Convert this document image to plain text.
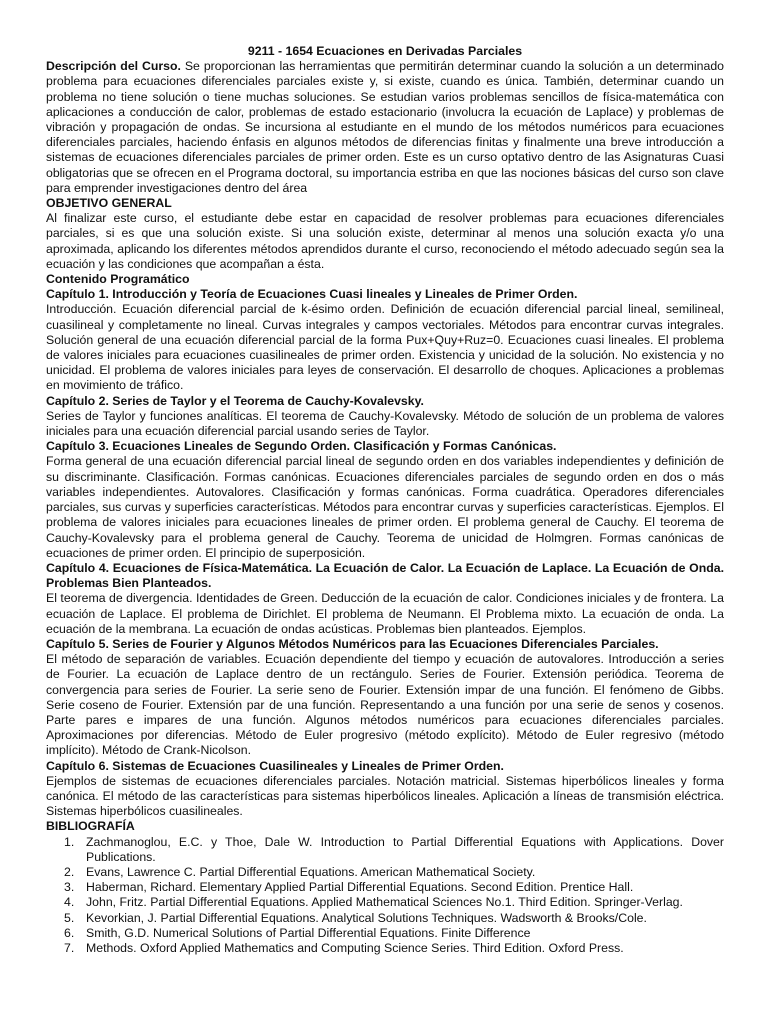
9211 - 1654 Ecuaciones en Derivadas Parciales

Descripción del Curso. Se proporcionan las herramientas que permitirán determinar cuando la solución a un determinado problema para ecuaciones diferenciales parciales existe y, si existe, cuando es única. También, determinar cuando un problema no tiene solución o tiene muchas soluciones. Se estudian varios problemas sencillos de física-matemática con aplicaciones a conducción de calor, problemas de estado estacionario (involucra la ecuación de Laplace) y problemas de vibración y propagación de ondas. Se incursiona al estudiante en el mundo de los métodos numéricos para ecuaciones diferenciales parciales, haciendo énfasis en algunos métodos de diferencias finitas y finalmente una breve introducción a sistemas de ecuaciones diferenciales parciales de primer orden. Este es un curso optativo dentro de las Asignaturas Cuasi obligatorias que se ofrecen en el Programa doctoral, su importancia estriba en que las nociones básicas del curso son clave para emprender investigaciones dentro del área

OBJETIVO GENERAL

Al finalizar este curso, el estudiante debe estar en capacidad de resolver problemas para ecuaciones diferenciales parciales, si es que una solución existe. Si una solución existe, determinar al menos una solución exacta y/o una aproximada, aplicando los diferentes métodos aprendidos durante el curso, reconociendo el método adecuado según sea la ecuación y las condiciones que acompañan a ésta.

Contenido Programático

Capítulo 1. Introducción y Teoría de Ecuaciones Cuasi lineales y Lineales de Primer Orden.

Introducción. Ecuación diferencial parcial de k-ésimo orden. Definición de ecuación diferencial parcial lineal, semilineal, cuasilineal y completamente no lineal. Curvas integrales y campos vectoriales. Métodos para encontrar curvas integrales. Solución general de una ecuación diferencial parcial de la forma Pux+Quy+Ruz=0. Ecuaciones cuasi lineales. El problema de valores iniciales para ecuaciones cuasilineales de primer orden. Existencia y unicidad de la solución. No existencia y no unicidad. El problema de valores iniciales para leyes de conservación. El desarrollo de choques. Aplicaciones a problemas en movimiento de tráfico.

Capítulo 2. Series de Taylor y el Teorema de Cauchy-Kovalevsky.

Series de Taylor y funciones analíticas. El teorema de Cauchy-Kovalevsky. Método de solución de un problema de valores iniciales para una ecuación diferencial parcial usando series de Taylor.

Capítulo 3. Ecuaciones Lineales de Segundo Orden. Clasificación y Formas Canónicas.

Forma general de una ecuación diferencial parcial lineal de segundo orden en dos variables independientes y definición de su discriminante. Clasificación. Formas canónicas. Ecuaciones diferenciales parciales de segundo orden en dos o más variables independientes. Autovalores. Clasificación y formas canónicas. Forma cuadrática. Operadores diferenciales parciales, sus curvas y superficies características. Métodos para encontrar curvas y superficies características. Ejemplos. El problema de valores iniciales para ecuaciones lineales de primer orden. El problema general de Cauchy. El teorema de Cauchy-Kovalevsky para el problema general de Cauchy. Teorema de unicidad de Holmgren. Formas canónicas de ecuaciones de primer orden. El principio de superposición.

Capítulo 4. Ecuaciones de Física-Matemática. La Ecuación de Calor. La Ecuación de Laplace. La Ecuación de Onda. Problemas Bien Planteados.

El teorema de divergencia. Identidades de Green. Deducción de la ecuación de calor. Condiciones iniciales y de frontera. La ecuación de Laplace. El problema de Dirichlet. El problema de Neumann. El Problema mixto. La ecuación de onda. La ecuación de la membrana. La ecuación de ondas acústicas. Problemas bien planteados. Ejemplos.

Capítulo 5. Series de Fourier y Algunos Métodos Numéricos para las Ecuaciones Diferenciales Parciales.

El método de separación de variables. Ecuación dependiente del tiempo y ecuación de autovalores. Introducción a series de Fourier. La ecuación de Laplace dentro de un rectángulo. Series de Fourier. Extensión periódica. Teorema de convergencia para series de Fourier. La serie seno de Fourier. Extensión impar de una función. El fenómeno de Gibbs. Serie coseno de Fourier. Extensión par de una función. Representando a una función por una serie de senos y cosenos. Parte pares e impares de una función. Algunos métodos numéricos para ecuaciones diferenciales parciales. Aproximaciones por diferencias. Método de Euler progresivo (método explícito). Método de Euler regresivo (método implícito). Método de Crank-Nicolson.

Capítulo 6. Sistemas de Ecuaciones Cuasilineales y Lineales de Primer Orden.

Ejemplos de sistemas de ecuaciones diferenciales parciales. Notación matricial. Sistemas hiperbólicos lineales y forma canónica. El método de las características para sistemas hiperbólicos lineales. Aplicación a líneas de transmisión eléctrica. Sistemas hiperbólicos cuasilineales.

BIBLIOGRAFÍA

1. Zachmanoglou, E.C. y Thoe, Dale W. Introduction to Partial Differential Equations with Applications. Dover Publications.
2. Evans, Lawrence C. Partial Differential Equations. American Mathematical Society.
3. Haberman, Richard. Elementary Applied Partial Differential Equations. Second Edition. Prentice Hall.
4. John, Fritz. Partial Differential Equations. Applied Mathematical Sciences No.1. Third Edition. Springer-Verlag.
5. Kevorkian, J. Partial Differential Equations. Analytical Solutions Techniques. Wadsworth & Brooks/Cole.
6. Smith, G.D. Numerical Solutions of Partial Differential Equations. Finite Difference
7. Methods. Oxford Applied Mathematics and Computing Science Series. Third Edition. Oxford Press.
